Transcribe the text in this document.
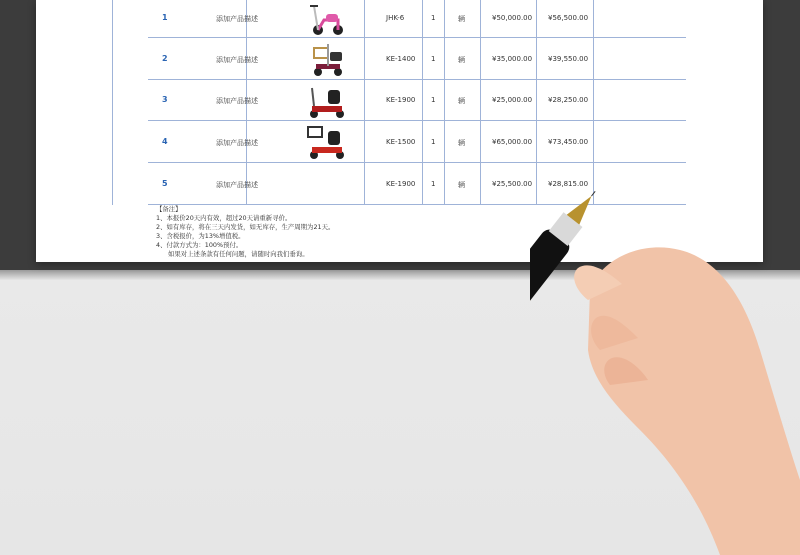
1	添加产品描述	JHK-6	1	辆	¥50,000.00 ¥56,500.00
2	添加产品描述	KE-1400 1	辆	¥35,000.00 ¥39,550.00
3	添加产品描述	KE-1900 1	辆	¥25,000.00 ¥28,250.00
4	添加产品描述	KE-1500 1	辆	¥65,000.00 ¥73,450.00
5	添加产品描述	KE-1900 1	辆	¥25,500.00 ¥28,815.00
【备注】
1、本报价20天内有效，超过20天请重新寻价。
2、如有库存，将在三天内发货，如无库存，生产周期为21天。
3、含税报价，为13%增值税。
4、付款方式为：100%预付。
如果对上述条款有任何问题，请随时向我们垂询。
